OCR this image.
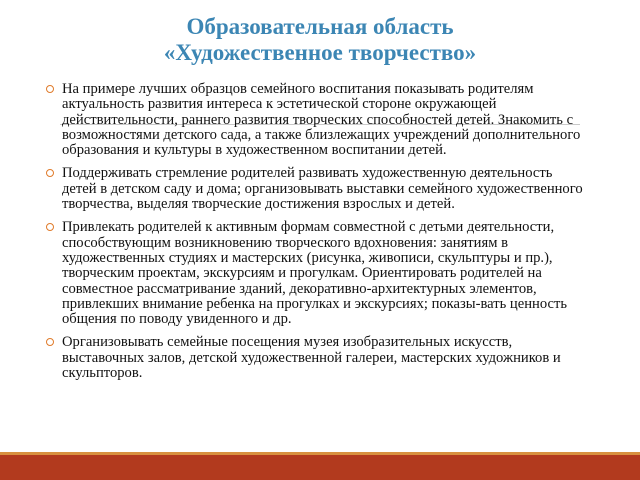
Образовательная область
«Художественное творчество»
На примере лучших образцов семейного воспитания показывать родителям актуальность развития интереса к эстетической стороне окружающей действительности, раннего развития творческих способностей детей. Знакомить с возможностями детского сада, а также близлежащих учреждений дополнительного образования и культуры в художественном воспитании детей.
Поддерживать стремление родителей развивать художественную деятельность детей в детском саду и дома; организовывать выставки семейного художественного творчества, выделяя творческие достижения взрослых и детей.
Привлекать родителей к активным формам совместной с детьми деятельности, способствующим возникновению творческого вдохновения: занятиям в художественных студиях и мастерских (рисунка, живописи, скульптуры и пр.), творческим проектам, экскурсиям и прогулкам. Ориентировать родителей на совместное рассматривание зданий, декоративно-архитектурных элементов, привлекших внимание ребенка на прогулках и экскурсиях; показы-вать ценность общения по поводу увиденного и др.
Организовывать семейные посещения музея изобразительных искусств, выставочных залов, детской художественной галереи, мастерских художников и скульпторов.
